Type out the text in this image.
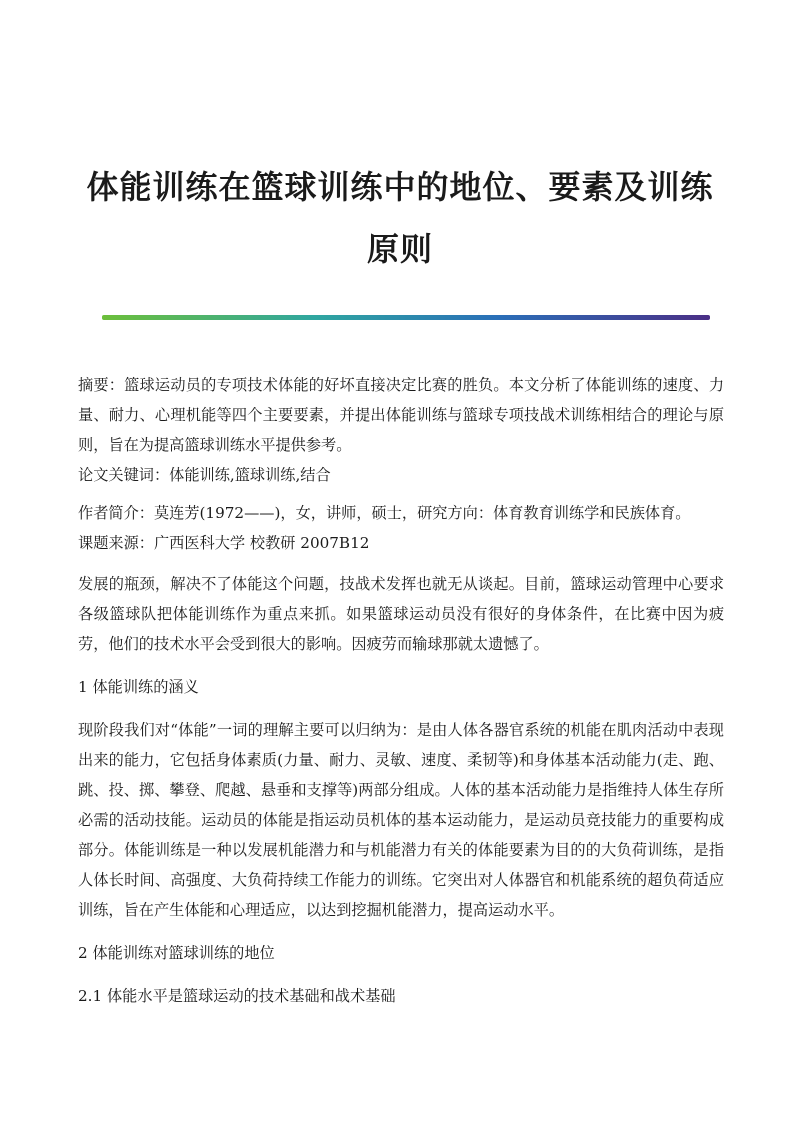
体能训练在篮球训练中的地位、要素及训练
原则

摘要：篮球运动员的专项技术体能的好坏直接决定比赛的胜负。本文分析了体能训练的速度、力量、耐力、心理机能等四个主要要素，并提出体能训练与篮球专项技战术训练相结合的理论与原则，旨在为提高篮球训练水平提供参考。

论文关键词：体能训练,篮球训练,结合

作者简介：莫连芳(1972——)，女，讲师，硕士，研究方向：体育教育训练学和民族体育。

课题来源：广西医科大学 校教研 2007B12

发展的瓶颈，解决不了体能这个问题，技战术发挥也就无从谈起。目前，篮球运动管理中心要求各级篮球队把体能训练作为重点来抓。如果篮球运动员没有很好的身体条件，在比赛中因为疲劳，他们的技术水平会受到很大的影响。因疲劳而输球那就太遗憾了。

1 体能训练的涵义

现阶段我们对“体能”一词的理解主要可以归纳为：是由人体各器官系统的机能在肌肉活动中表现出来的能力，它包括身体素质(力量、耐力、灵敏、速度、柔韧等)和身体基本活动能力(走、跑、跳、投、掷、攀登、爬越、悬垂和支撑等)两部分组成。人体的基本活动能力是指维持人体生存所必需的活动技能。运动员的体能是指运动员机体的基本运动能力，是运动员竞技能力的重要构成部分。体能训练是一种以发展机能潜力和与机能潜力有关的体能要素为目的的大负荷训练，是指人体长时间、高强度、大负荷持续工作能力的训练。它突出对人体器官和机能系统的超负荷适应训练，旨在产生体能和心理适应，以达到挖掘机能潜力，提高运动水平。

2 体能训练对篮球训练的地位

2.1 体能水平是篮球运动的技术基础和战术基础
